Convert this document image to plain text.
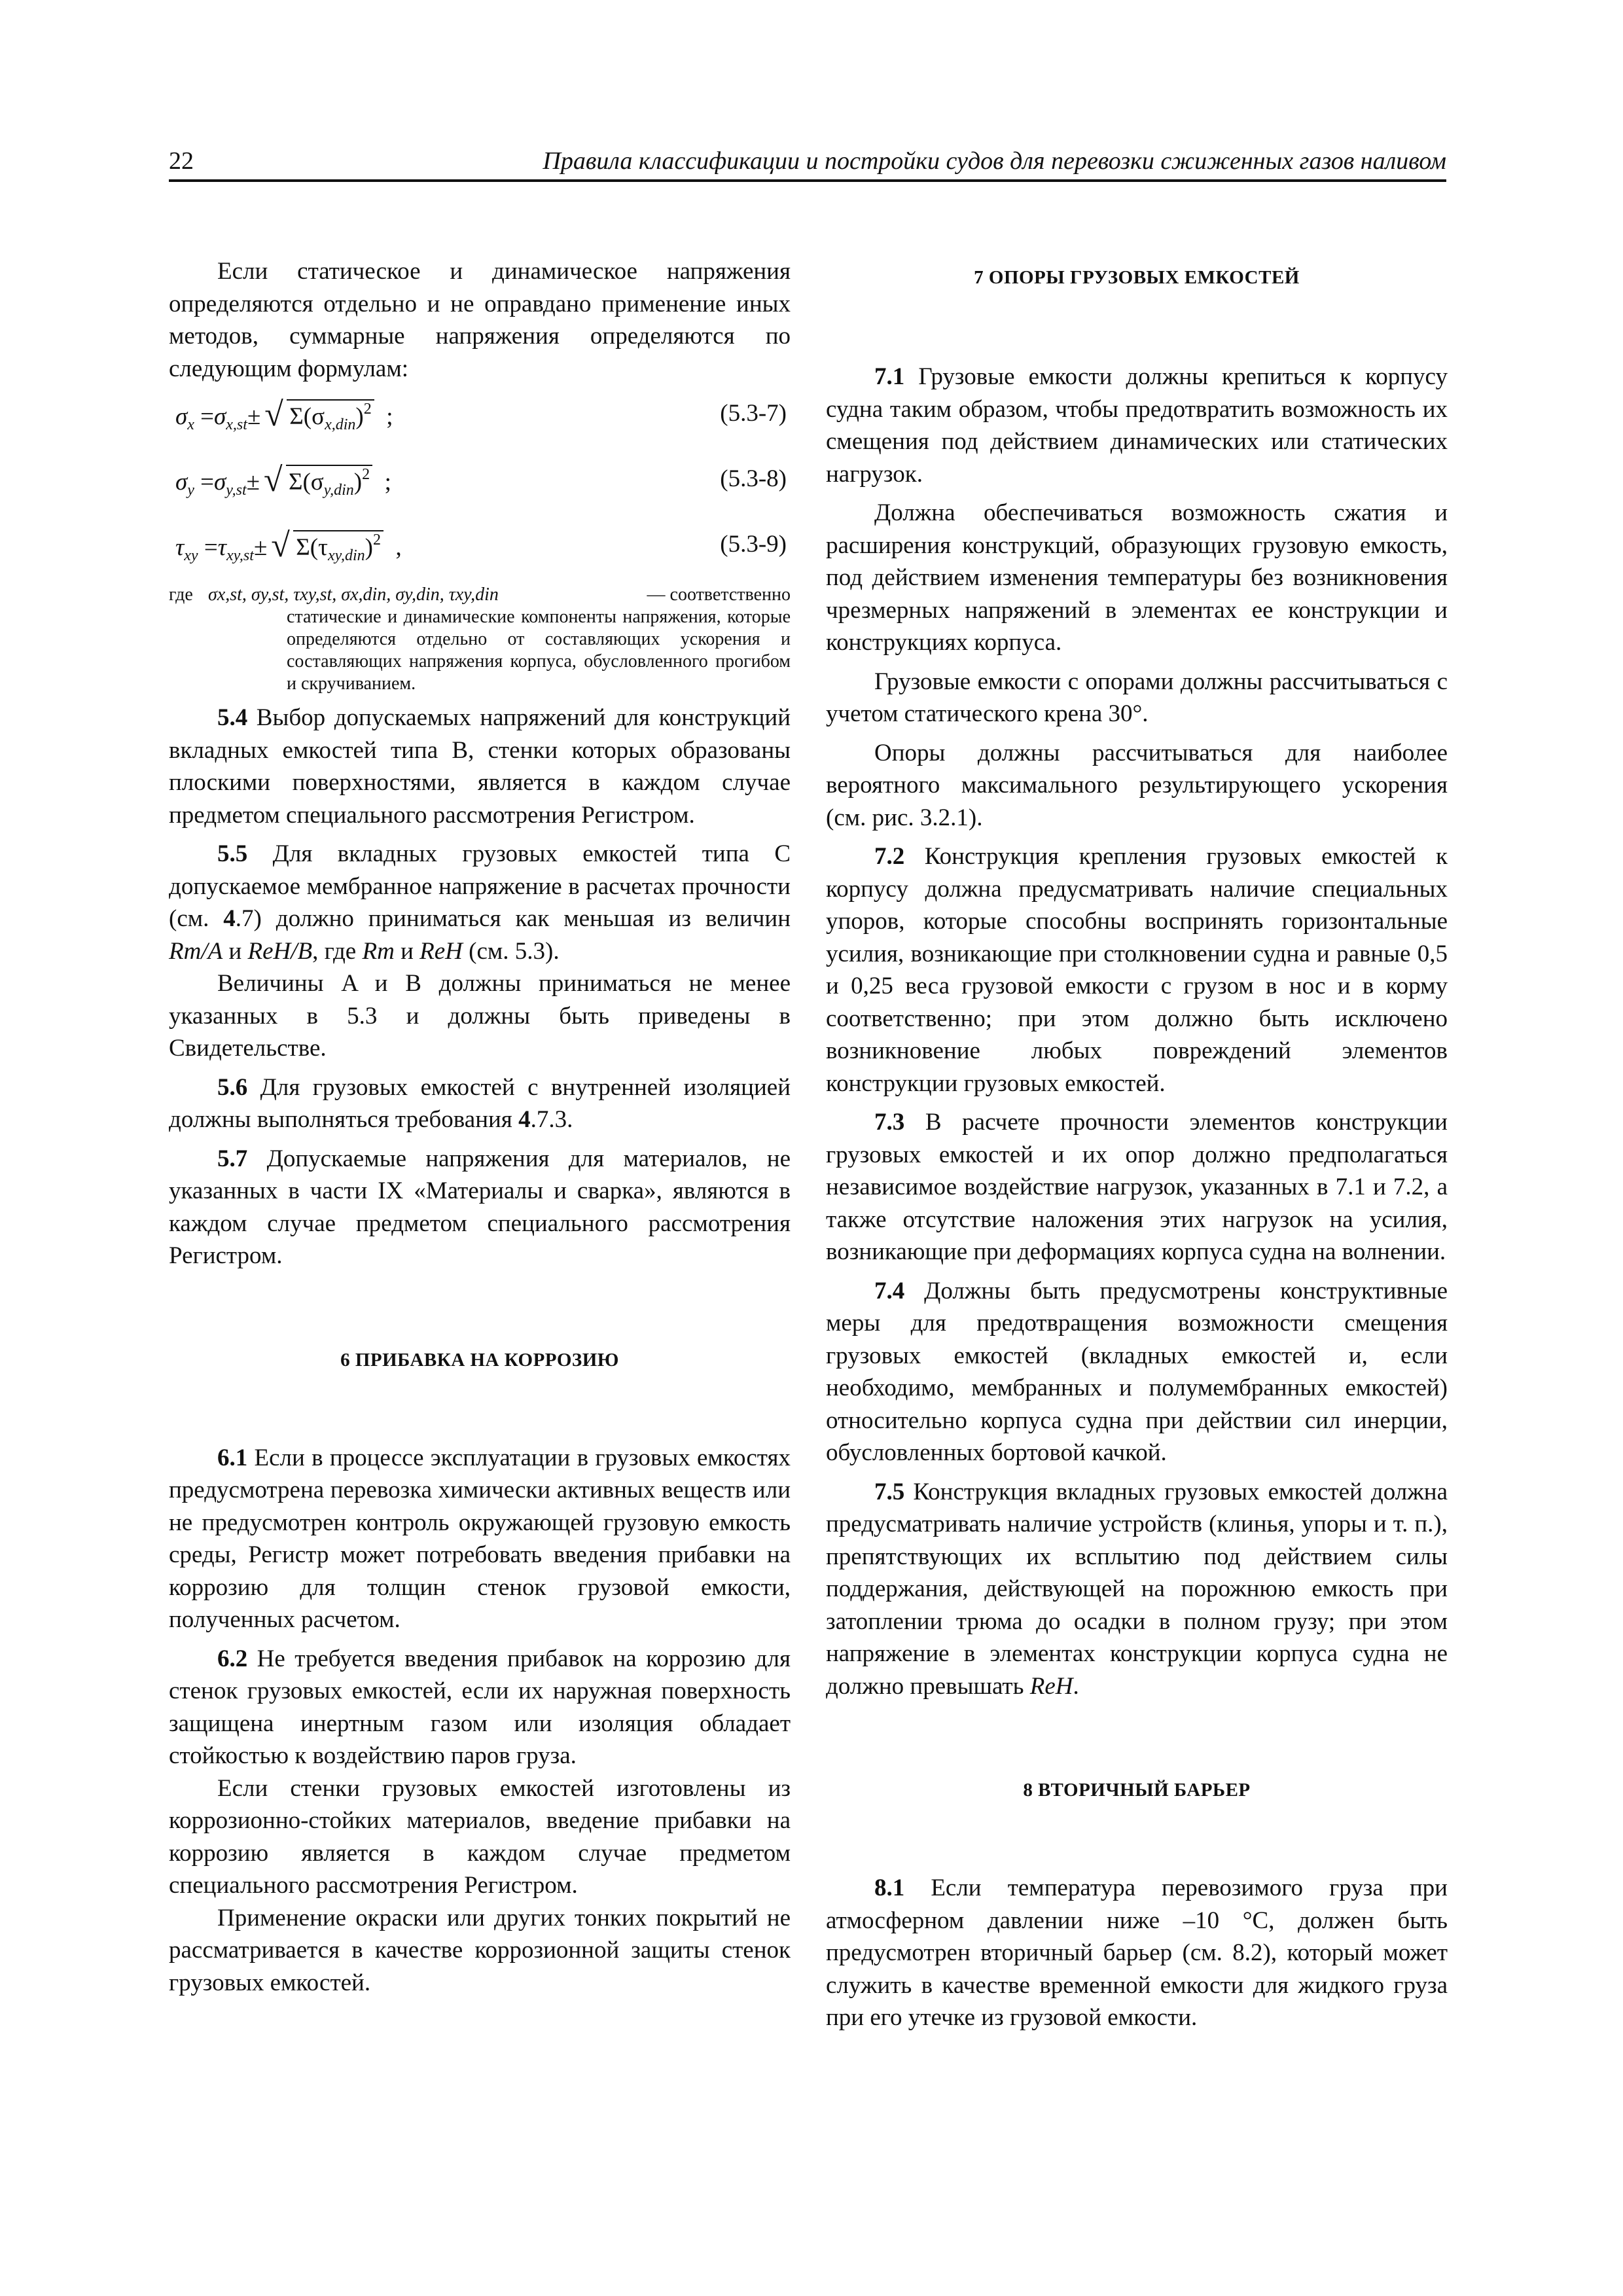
22	Правила классификации и постройки судов для перевозки сжиженных газов наливом

Если статическое и динамическое напряжения определяются отдельно и не оправдано применение иных методов, суммарные напряжения определяются по следующим формулам:

$\sigma_x =\sigma_{x,st}\pm$ √ $\Sigma(\sigma_{x,din})^2$ ;	(5.3-7)
$\sigma_y =\sigma_{y,st}\pm$ √ $\Sigma(\sigma_{y,din})^2$ ;	(5.3-8)
$\tau_{xy} =\tau_{xy,st}\pm$ √ $\Sigma(\tau_{xy,din})^2$ ,	(5.3-9)
где σx,st, σy,st, τxy,st, σx,din, σy,din, τxy,din	— соответственно
статические и динамические компоненты напряжения, которые определяются отдельно от составляющих ускорения и составляющих напряжения корпуса, обусловленного прогибом и скручиванием.

5.4 Выбор допускаемых напряжений для конструкций вкладных емкостей типа B, стенки которых образованы плоскими поверхностями, является в каждом случае предметом специального рассмотрения Регистром.

5.5 Для вкладных грузовых емкостей типа C допускаемое мембранное напряжение в расчетах прочности (см. 4.7) должно приниматься как меньшая из величин Rm/A и ReH/B, где Rm и ReH (см. 5.3).

Величины A и B должны приниматься не менее указанных в 5.3 и должны быть приведены в Свидетельстве.

5.6 Для грузовых емкостей с внутренней изоляцией должны выполняться требования 4.7.3.

5.7 Допускаемые напряжения для материалов, не указанных в части IX «Материалы и сварка», являются в каждом случае предметом специального рассмотрения Регистром.

6 ПРИБАВКА НА КОРРОЗИЮ

6.1 Если в процессе эксплуатации в грузовых емкостях предусмотрена перевозка химически активных веществ или не предусмотрен контроль окружающей грузовую емкость среды, Регистр может потребовать введения прибавки на коррозию для толщин стенок грузовой емкости, полученных расчетом.

6.2 Не требуется введения прибавок на коррозию для стенок грузовых емкостей, если их наружная поверхность защищена инертным газом или изоляция обладает стойкостью к воздействию паров груза.

Если стенки грузовых емкостей изготовлены из коррозионно-стойких материалов, введение прибавки на коррозию является в каждом случае предметом специального рассмотрения Регистром.

Применение окраски или других тонких покрытий не рассматривается в качестве коррозионной защиты стенок грузовых емкостей.

7 ОПОРЫ ГРУЗОВЫХ ЕМКОСТЕЙ

7.1 Грузовые емкости должны крепиться к корпусу судна таким образом, чтобы предотвратить возможность их смещения под действием динамических или статических нагрузок.

Должна обеспечиваться возможность сжатия и расширения конструкций, образующих грузовую емкость, под действием изменения температуры без возникновения чрезмерных напряжений в элементах ее конструкции и конструкциях корпуса.

Грузовые емкости с опорами должны рассчитываться с учетом статического крена 30°.

Опоры должны рассчитываться для наиболее вероятного максимального результирующего ускорения (см. рис. 3.2.1).

7.2 Конструкция крепления грузовых емкостей к корпусу должна предусматривать наличие специальных упоров, которые способны воспринять горизонтальные усилия, возникающие при столкновении судна и равные 0,5 и 0,25 веса грузовой емкости с грузом в нос и в корму соответственно; при этом должно быть исключено возникновение любых повреждений элементов конструкции грузовых емкостей.

7.3 В расчете прочности элементов конструкции грузовых емкостей и их опор должно предполагаться независимое воздействие нагрузок, указанных в 7.1 и 7.2, а также отсутствие наложения этих нагрузок на усилия, возникающие при деформациях корпуса судна на волнении.

7.4 Должны быть предусмотрены конструктивные меры для предотвращения возможности смещения грузовых емкостей (вкладных емкостей и, если необходимо, мембранных и полумембранных емкостей) относительно корпуса судна при действии сил инерции, обусловленных бортовой качкой.

7.5 Конструкция вкладных грузовых емкостей должна предусматривать наличие устройств (клинья, упоры и т. п.), препятствующих их всплытию под действием силы поддержания, действующей на порожнюю емкость при затоплении трюма до осадки в полном грузу; при этом напряжение в элементах конструкции корпуса судна не должно превышать ReH.

8 ВТОРИЧНЫЙ БАРЬЕР

8.1 Если температура перевозимого груза при атмосферном давлении ниже –10 °C, должен быть предусмотрен вторичный барьер (см. 8.2), который может служить в качестве временной емкости для жидкого груза при его утечке из грузовой емкости.
